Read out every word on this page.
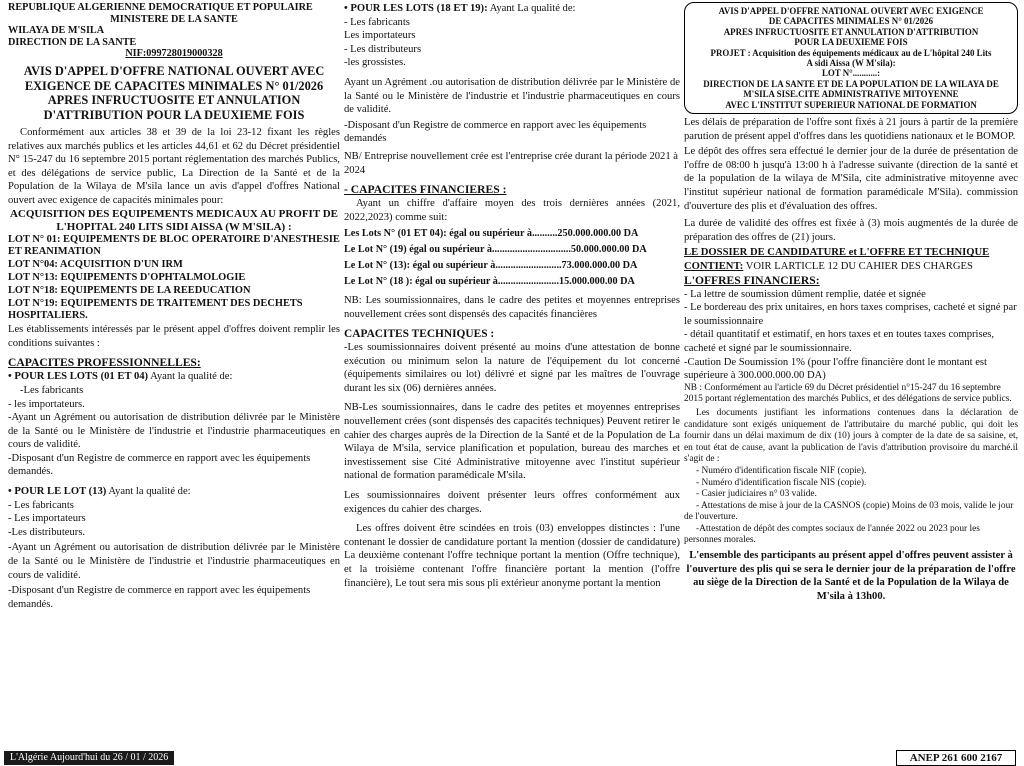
REPUBLIQUE ALGERIENNE DEMOCRATIQUE ET POPULAIRE

MINISTERE DE LA SANTE

WILAYA DE M'SILA

DIRECTION DE LA SANTE

NIF:099728019000328

AVIS D'APPEL D'OFFRE NATIONAL OUVERT AVEC EXIGENCE DE CAPACITES MINIMALES N° 01/2026 APRES INFRUCTUOSITE ET ANNULATION D'ATTRIBUTION POUR LA DEUXIEME FOIS

Conformément aux articles 38 et 39 de la loi 23-12 fixant les règles relatives aux marchés publics et les articles 44,61 et 62 du Décret présidentiel N° 15-247 du 16 septembre 2015 portant réglementation des marchés Publics, et des délégations de service public, La Direction de la Santé et de la Population de la Wilaya de M'sila lance un avis d'appel d'offres National ouvert avec exigence de capacités minimales pour:

ACQUISITION DES EQUIPEMENTS MEDICAUX AU PROFIT DE L'HOPITAL 240 LITS SIDI AISSA (W M'SILA) :

LOT N° 01: EQUIPEMENTS DE BLOC OPERATOIRE D'ANESTHESIE ET REANIMATION

LOT N°04: ACQUISITION D'UN IRM

LOT N°13: EQUIPEMENTS D'OPHTALMOLOGIE

LOT N°18: EQUIPEMENTS DE LA REEDUCATION

LOT N°19: EQUIPEMENTS DE TRAITEMENT DES DECHETS HOSPITALIERS.

Les établissements intéressés par le présent appel d'offres doivent remplir les conditions suivantes :

CAPACITES PROFESSIONNELLES:

• POUR LES LOTS (01 ET 04) Ayant la qualité de:

-Les fabricants

- les importateurs.

-Ayant un Agrément ou autorisation de distribution délivrée par le Ministère de la Santé ou le Ministère de l'industrie et l'industrie pharmaceutiques en cours de validité.

-Disposant d'un Registre de commerce en rapport avec les équipements demandés.

• POUR LE LOT (13) Ayant la qualité de:

- Les fabricants

- Les importateurs

-Les distributeurs.

-Ayant un Agrément ou autorisation de distribution délivrée par le Ministère de la Santé ou le Ministère de l'industrie et l'industrie pharmaceutiques en cours de validité.

-Disposant d'un Registre de commerce en rapport avec les équipements demandés.

• POUR LES LOTS (18 ET 19): Ayant La qualité de:

- Les fabricants

Les importateurs

- Les distributeurs

-les grossistes.

Ayant un Agrément .ou autorisation de distribution délivrée par le Ministère de la Santé ou le Ministère de l'industrie et l'industrie pharmaceutiques en cours de validité.

-Disposant d'un Registre de commerce en rapport avec les équipements demandés

NB/ Entreprise nouvellement crée est l'entreprise crée durant la période 2021 à 2024

- CAPACITES FINANCIERES :

Ayant un chiffre d'affaire moyen des trois dernières années (2021, 2022,2023) comme suit:

Les Lots N° (01 ET 04): égal ou supérieur à..........250.000.000.00 DA

Le Lot N° (19) égal ou supérieur à...............................50.000.000.00 DA

Le Lot N° (13): égal ou supérieur à..........................73.000.000.00 DA

Le Lot N° (18 ): égal ou supérieur à........................15.000.000.00 DA

NB: Les soumissionnaires, dans le cadre des petites et moyennes entreprises nouvellement crées sont dispensés des capacités financières

CAPACITES TECHNIQUES :

-Les soumissionnaires doivent présenté au moins d'une attestation de bonne exécution ou minimum selon la nature de l'équipement du lot concerné (équipements similaires ou lot) délivré et signé par les maîtres de l'ouvrage durant les six (06) dernières années.

NB-Les soumissionnaires, dans le cadre des petites et moyennes entreprises nouvellement crées (sont dispensés des capacités techniques) Peuvent retirer le cahier des charges auprès de la Direction de la Santé et de la Population de La Wilaya de M'sila, service planification et population, bureau des marches et investissement sise Cité Administrative mitoyenne avec l'institut supérieur national de formation paramédicale M'sila.

Les soumissionnaires doivent présenter leurs offres conformément aux exigences du cahier des charges.

Les offres doivent être scindées en trois (03) enveloppes distinctes : l'une contenant le dossier de candidature portant la mention (dossier de candidature) La deuxième contenant l'offre technique portant la mention (Offre technique), et la troisième contenant l'offre financière portant la mention (l'offre financière), Le tout sera mis sous pli extérieur anonyme portant la mention

AVIS D'APPEL D'OFFRE NATIONAL OUVERT AVEC EXIGENCE

DE CAPACITES MINIMALES N° 01/2026

APRES INFRUCTUOSITE ET ANNULATION D'ATTRIBUTION

POUR LA DEUXIEME FOIS

PROJET : Acquisition des équipements médicaux au de L'hôpital 240 Lits

A sidi Aissa (W M'sila):

LOT N°...........:

DIRECTION DE LA SANTE ET DE LA POPULATION DE LA WILAYA DE M'SILA SISE.CITE ADMINISTRATIVE MITOYENNE

AVEC L'INSTITUT SUPERIEUR NATIONAL DE FORMATION

Les délais de préparation de l'offre sont fixés à 21 jours à partir de la première parution de présent appel d'offres dans les quotidiens nationaux et le BOMOP.

Le dépôt des offres sera effectué le dernier jour de la durée de présentation de l'offre de 08:00 h jusqu'à 13:00 h à l'adresse suivante (direction de la santé et de la population de la wilaya de M'Sila, cite administrative mitoyenne avec l'institut supérieur national de formation paramédicale M'Sila). commission d'ouverture des plis et d'évaluation des offres.

La durée de validité des offres est fixée à (3) mois augmentés de la durée de préparation des offres de (21) jours.

LE DOSSIER DE CANDIDATURE et L'OFFRE ET TECHNIQUE CONTIENT: VOIR LARTICLE 12 DU CAHIER DES CHARGES

L'OFFRES FINANCIERS:

- La lettre de soumission dûment remplie, datée et signée

- Le bordereau des prix unitaires, en hors taxes comprises, cacheté et signé par le soumissionnaire

- détail quantitatif et estimatif, en hors taxes et en toutes taxes comprises, cacheté et signé par le soumissionnaire.

-Caution De Soumission 1% (pour l'offre financière dont le montant est supérieure à 300.000.000.00 DA)

NB : Conformément au l'article 69 du Décret présidentiel n°15-247 du 16 septembre 2015 portant réglementation des marchés Publics, et des délégations de service publics.

Les documents justifiant les informations contenues dans la déclaration de candidature sont exigés uniquement de l'attributaire du marché public, qui doit les fournir dans un délai maximum de dix (10) jours à compter de la date de sa saisine, et, en tout état de cause, avant la publication de l'avis d'attribution provisoire du marché.il s'agit de :

- Numéro d'identification fiscale NIF (copie).

- Numéro d'identification fiscale NIS (copie).

- Casier judiciaires n° 03 valide.

- Attestations de mise à jour de la CASNOS (copie) Moins de 03 mois, valide le jour de l'ouverture.

-Attestation de dépôt des comptes sociaux de l'année 2022 ou 2023 pour les personnes morales.

L'ensemble des participants au présent appel d'offres peuvent assister à l'ouverture des plis qui se sera le dernier jour de la préparation de l'offre au siège de la Direction de la Santé et de la Population de la Wilaya de M'sila à 13h00.

L'Algérie Aujourd'hui du 26 / 01 / 2026	ANEP 261 600 2167
